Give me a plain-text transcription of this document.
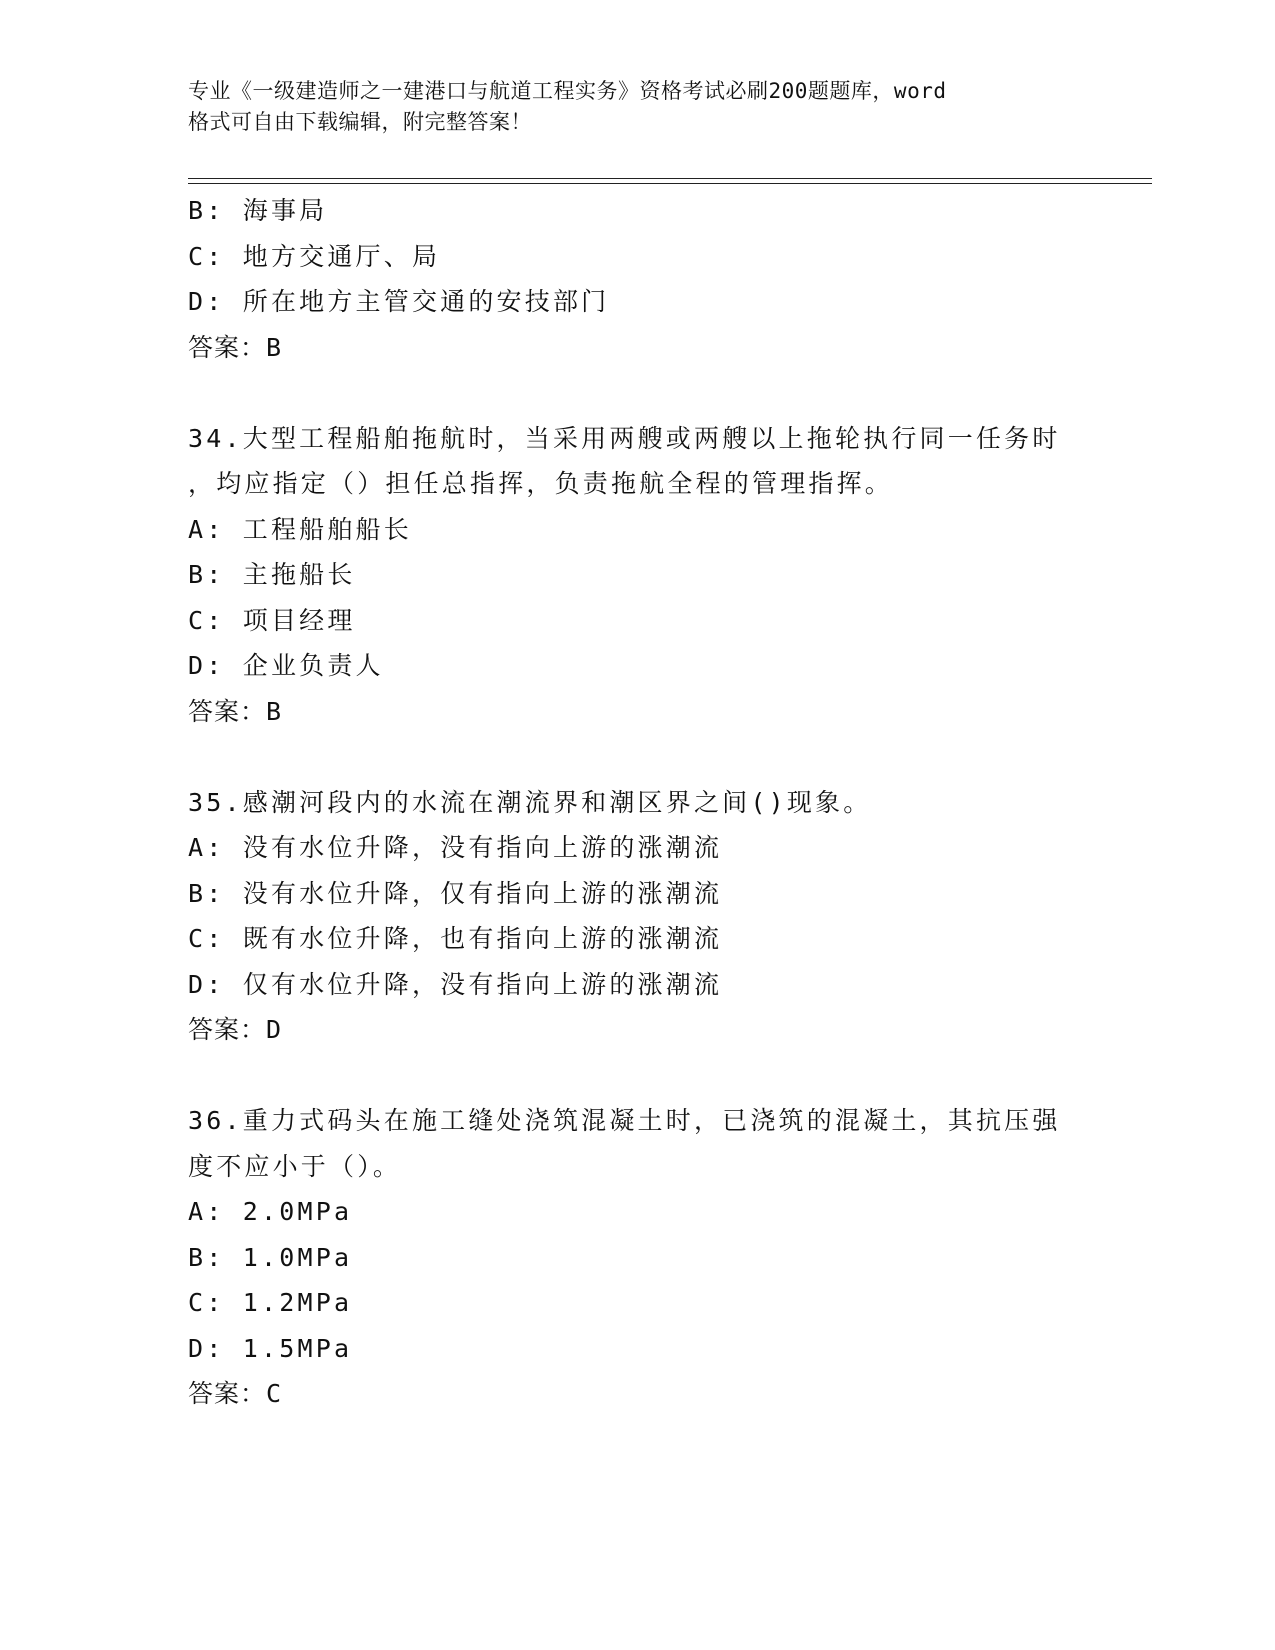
专业《一级建造师之一建港口与航道工程实务》资格考试必刷200题题库，word
格式可自由下载编辑，附完整答案！
B: 海事局
C: 地方交通厅、局
D: 所在地方主管交通的安技部门
答案：B
34.大型工程船舶拖航时，当采用两艘或两艘以上拖轮执行同一任务时
，均应指定（）担任总指挥，负责拖航全程的管理指挥。
A: 工程船舶船长
B: 主拖船长
C: 项目经理
D: 企业负责人
答案：B
35.感潮河段内的水流在潮流界和潮区界之间()现象。
A: 没有水位升降，没有指向上游的涨潮流
B: 没有水位升降，仅有指向上游的涨潮流
C: 既有水位升降，也有指向上游的涨潮流
D: 仅有水位升降，没有指向上游的涨潮流
答案：D
36.重力式码头在施工缝处浇筑混凝土时，已浇筑的混凝土，其抗压强
度不应小于（）。
A: 2.0MPa
B: 1.0MPa
C: 1.2MPa
D: 1.5MPa
答案：C
